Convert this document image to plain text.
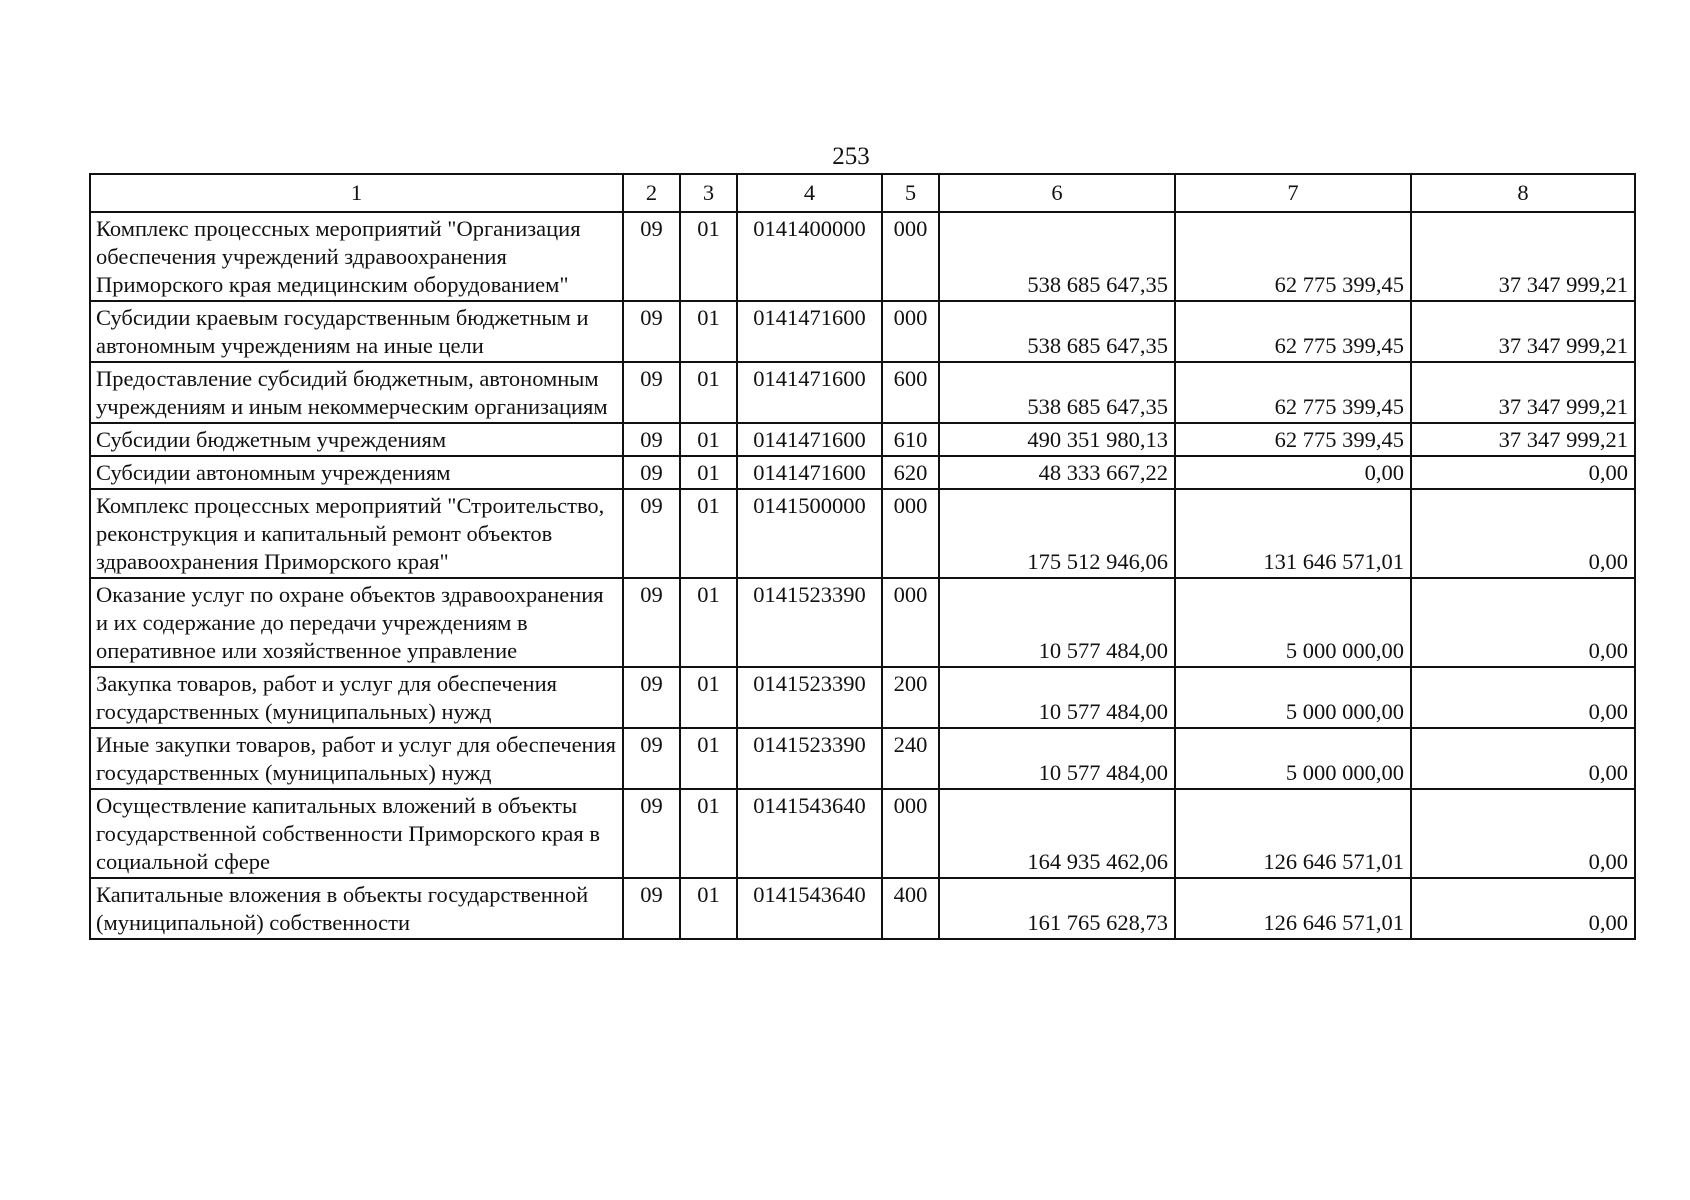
253
1	2	3	4	5	6	7	8
Комплекс процессных мероприятий "Организация обеспечения учреждений здравоохранения Приморского края медицинским оборудованием"	09	01	0141400000	000	538 685 647,35	62 775 399,45	37 347 999,21
Субсидии краевым государственным бюджетным и автономным учреждениям на иные цели	09	01	0141471600	000	538 685 647,35	62 775 399,45	37 347 999,21
Предоставление субсидий бюджетным, автономным учреждениям и иным некоммерческим организациям	09	01	0141471600	600	538 685 647,35	62 775 399,45	37 347 999,21
Субсидии бюджетным учреждениям	09	01	0141471600	610	490 351 980,13	62 775 399,45	37 347 999,21
Субсидии автономным учреждениям	09	01	0141471600	620	48 333 667,22	0,00	0,00
Комплекс процессных мероприятий "Строительство, реконструкция и капитальный ремонт объектов здравоохранения Приморского края"	09	01	0141500000	000	175 512 946,06	131 646 571,01	0,00
Оказание услуг по охране объектов здравоохранения и их содержание до передачи учреждениям в оперативное или хозяйственное управление	09	01	0141523390	000	10 577 484,00	5 000 000,00	0,00
Закупка товаров, работ и услуг для обеспечения государственных (муниципальных) нужд	09	01	0141523390	200	10 577 484,00	5 000 000,00	0,00
Иные закупки товаров, работ и услуг для обеспечения государственных (муниципальных) нужд	09	01	0141523390	240	10 577 484,00	5 000 000,00	0,00
Осуществление капитальных вложений в объекты государственной собственности Приморского края в социальной сфере	09	01	0141543640	000	164 935 462,06	126 646 571,01	0,00
Капитальные вложения в объекты государственной (муниципальной) собственности	09	01	0141543640	400	161 765 628,73	126 646 571,01	0,00
